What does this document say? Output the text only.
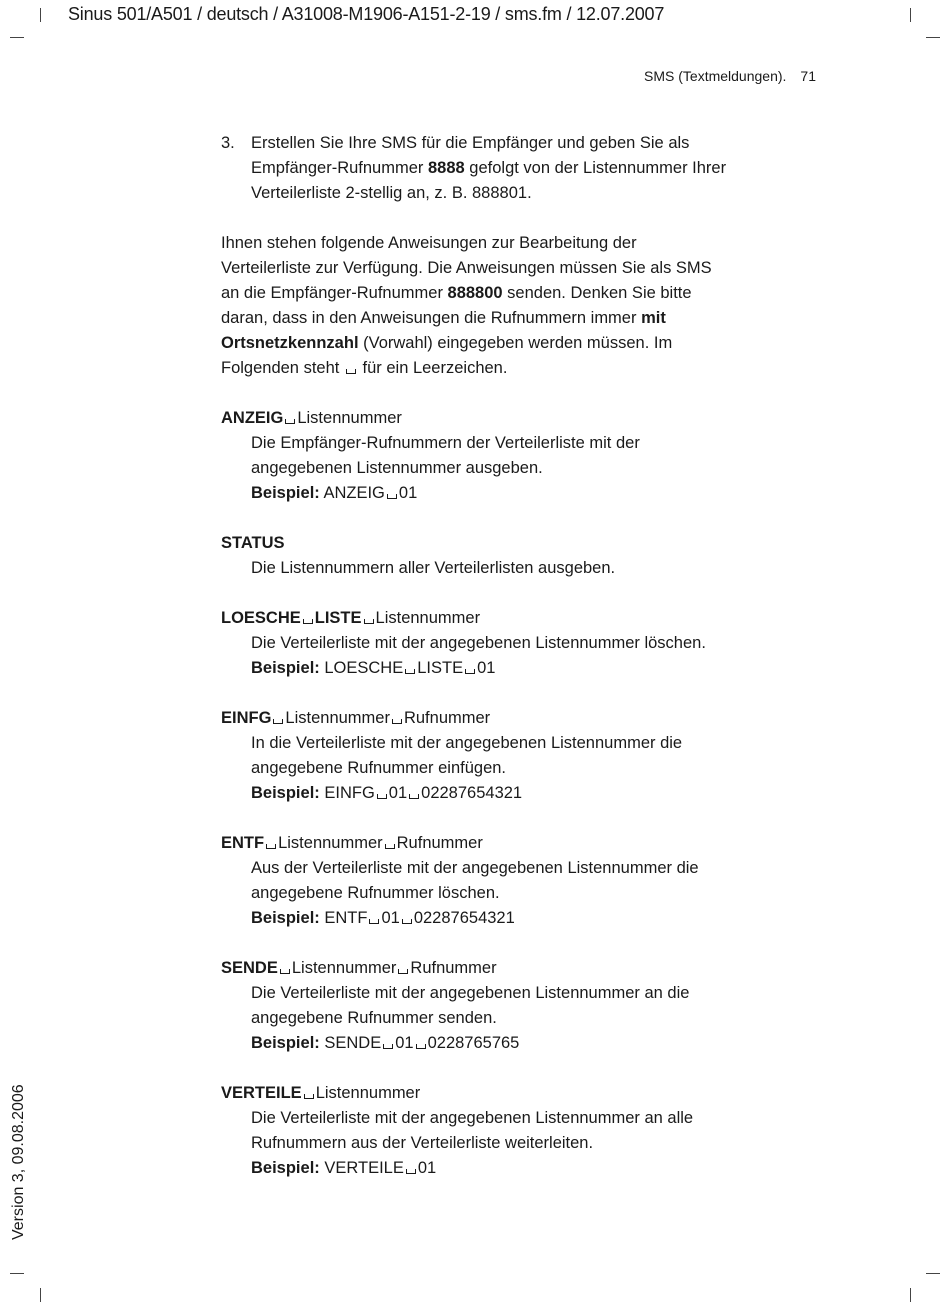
Sinus 501/A501 / deutsch / A31008-M1906-A151-2-19 / sms.fm / 12.07.2007
SMS (Textmeldungen). 71
Version 3, 09.08.2006
3. Erstellen Sie Ihre SMS für die Empfänger und geben Sie als Empfänger-Rufnummer 8888 gefolgt von der Listennummer Ihrer Verteilerliste 2-stellig an, z. B. 888801.

Ihnen stehen folgende Anweisungen zur Bearbeitung der Verteilerliste zur Verfügung. Die Anweisungen müssen Sie als SMS an die Empfänger-Rufnummer 888800 senden. Denken Sie bitte daran, dass in den Anweisungen die Rufnummern immer mit Ortsnetzkennzahl (Vorwahl) eingegeben werden müssen. Im Folgenden steht  für ein Leerzeichen.

ANZEIG Listennummer

Die Empfänger-Rufnummern der Verteilerliste mit der angegebenen Listennummer ausgeben.

Beispiel: ANZEIG 01

STATUS

Die Listennummern aller Verteilerlisten ausgeben.

LOESCHE LISTE Listennummer

Die Verteilerliste mit der angegebenen Listennummer löschen.

Beispiel: LOESCHE LISTE 01

EINFG Listennummer Rufnummer

In die Verteilerliste mit der angegebenen Listennummer die angegebene Rufnummer einfügen.

Beispiel: EINFG 01 02287654321

ENTF Listennummer Rufnummer

Aus der Verteilerliste mit der angegebenen Listennummer die angegebene Rufnummer löschen.

Beispiel: ENTF 01 02287654321

SENDE Listennummer Rufnummer

Die Verteilerliste mit der angegebenen Listennummer an die angegebene Rufnummer senden.

Beispiel: SENDE 01 0228765765

VERTEILE Listennummer

Die Verteilerliste mit der angegebenen Listennummer an alle Rufnummern aus der Verteilerliste weiterleiten.

Beispiel: VERTEILE 01
